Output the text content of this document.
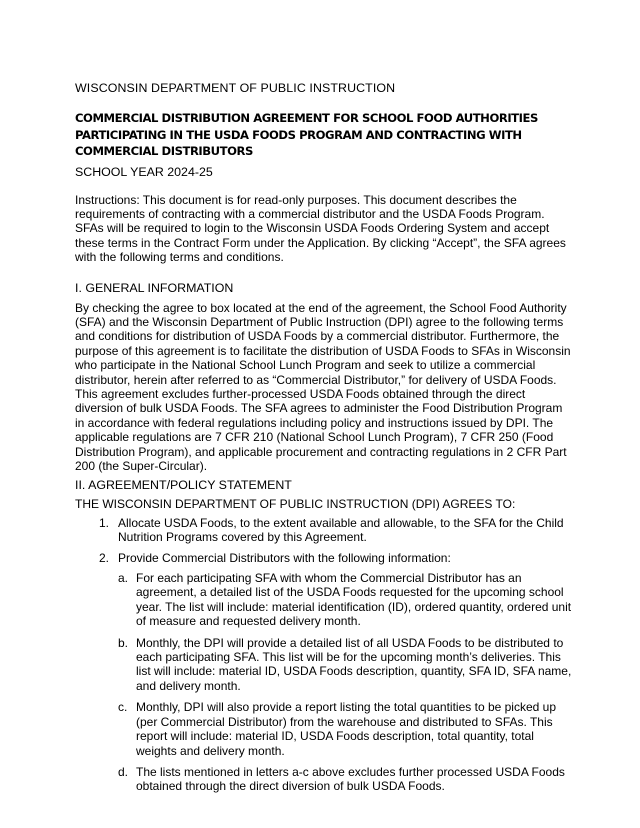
WISCONSIN DEPARTMENT OF PUBLIC INSTRUCTION
COMMERCIAL DISTRIBUTION AGREEMENT FOR SCHOOL FOOD AUTHORITIES PARTICIPATING IN THE USDA FOODS PROGRAM AND CONTRACTING WITH COMMERCIAL DISTRIBUTORS
SCHOOL YEAR 2024-25

Instructions: This document is for read-only purposes. This document describes the requirements of contracting with a commercial distributor and the USDA Foods Program. SFAs will be required to login to the Wisconsin USDA Foods Ordering System and accept these terms in the Contract Form under the Application. By clicking “Accept”, the SFA agrees with the following terms and conditions.

I. GENERAL INFORMATION

By checking the agree to box located at the end of the agreement, the School Food Authority (SFA) and the Wisconsin Department of Public Instruction (DPI) agree to the following terms and conditions for distribution of USDA Foods by a commercial distributor. Furthermore, the purpose of this agreement is to facilitate the distribution of USDA Foods to SFAs in Wisconsin who participate in the National School Lunch Program and seek to utilize a commercial distributor, herein after referred to as “Commercial Distributor,” for delivery of USDA Foods. This agreement excludes further-processed USDA Foods obtained through the direct diversion of bulk USDA Foods. The SFA agrees to administer the Food Distribution Program in accordance with federal regulations including policy and instructions issued by DPI. The applicable regulations are 7 CFR 210 (National School Lunch Program), 7 CFR 250 (Food Distribution Program), and applicable procurement and contracting regulations in 2 CFR Part 200 (the Super-Circular).

II. AGREEMENT/POLICY STATEMENT

THE WISCONSIN DEPARTMENT OF PUBLIC INSTRUCTION (DPI) AGREES TO:

1. Allocate USDA Foods, to the extent available and allowable, to the SFA for the Child Nutrition Programs covered by this Agreement.
2. Provide Commercial Distributors with the following information:
a. For each participating SFA with whom the Commercial Distributor has an agreement, a detailed list of the USDA Foods requested for the upcoming school year. The list will include: material identification (ID), ordered quantity, ordered unit of measure and requested delivery month.
b. Monthly, the DPI will provide a detailed list of all USDA Foods to be distributed to each participating SFA. This list will be for the upcoming month’s deliveries. This list will include: material ID, USDA Foods description, quantity, SFA ID, SFA name, and delivery month.
c. Monthly, DPI will also provide a report listing the total quantities to be picked up (per Commercial Distributor) from the warehouse and distributed to SFAs. This report will include: material ID, USDA Foods description, total quantity, total weights and delivery month.
d. The lists mentioned in letters a-c above excludes further processed USDA Foods obtained through the direct diversion of bulk USDA Foods.
